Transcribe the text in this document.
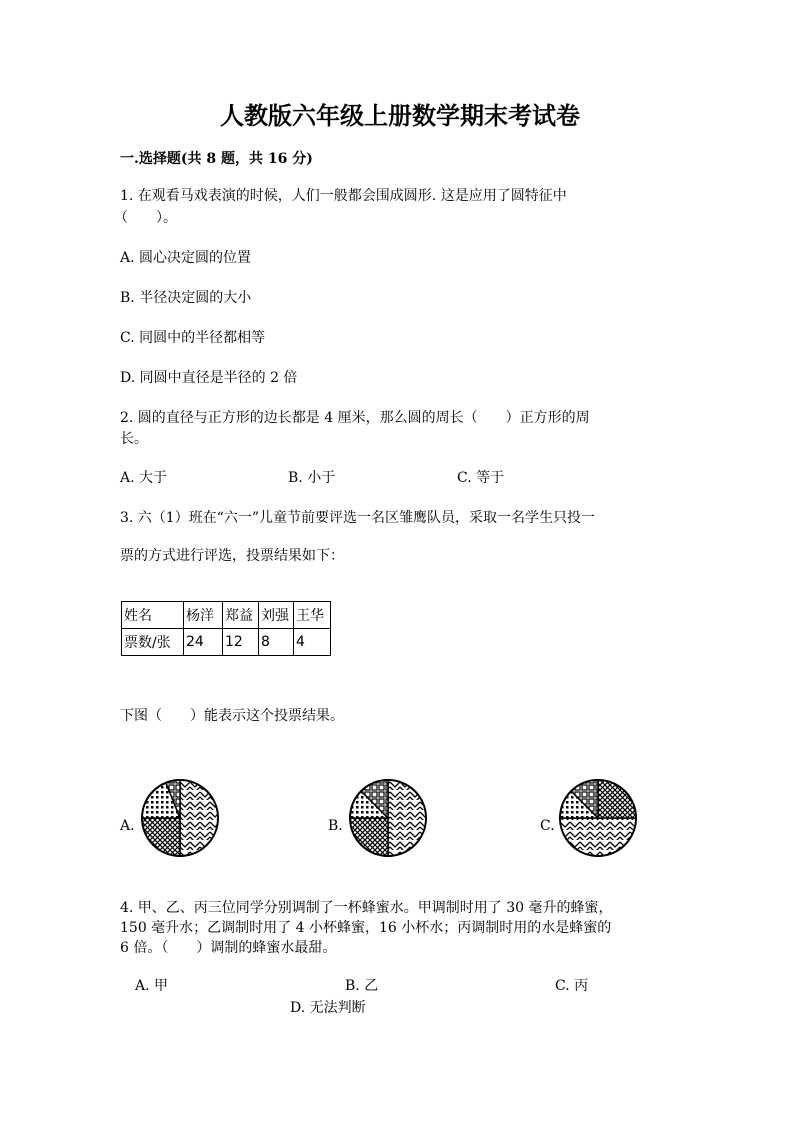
人教版六年级上册数学期末考试卷
一.选择题(共 8 题，共 16 分)
1. 在观看马戏表演的时候，人们一般都会围成圆形. 这是应用了圆特征中
（　　）。
A. 圆心决定圆的位置
B. 半径决定圆的大小
C. 同圆中的半径都相等
D. 同圆中直径是半径的 2 倍
2. 圆的直径与正方形的边长都是 4 厘米，那么圆的周长（　　）正方形的周
长。
A. 大于	B. 小于	C. 等于
3. 六（1）班在“六一”儿童节前要评选一名区雏鹰队员，采取一名学生只投一
票的方式进行评选，投票结果如下：
姓名	杨洋	郑益	刘强	王华
票数/张	24	12	8	4
下图（　　）能表示这个投票结果。
A.	B.	C.
4. 甲、乙、丙三位同学分别调制了一杯蜂蜜水。甲调制时用了 30 毫升的蜂蜜，
150 毫升水；乙调制时用了 4 小杯蜂蜜，16 小杯水；丙调制时用的水是蜂蜜的
6 倍。（　　）调制的蜂蜜水最甜。
A. 甲	B. 乙	C. 丙
D. 无法判断
